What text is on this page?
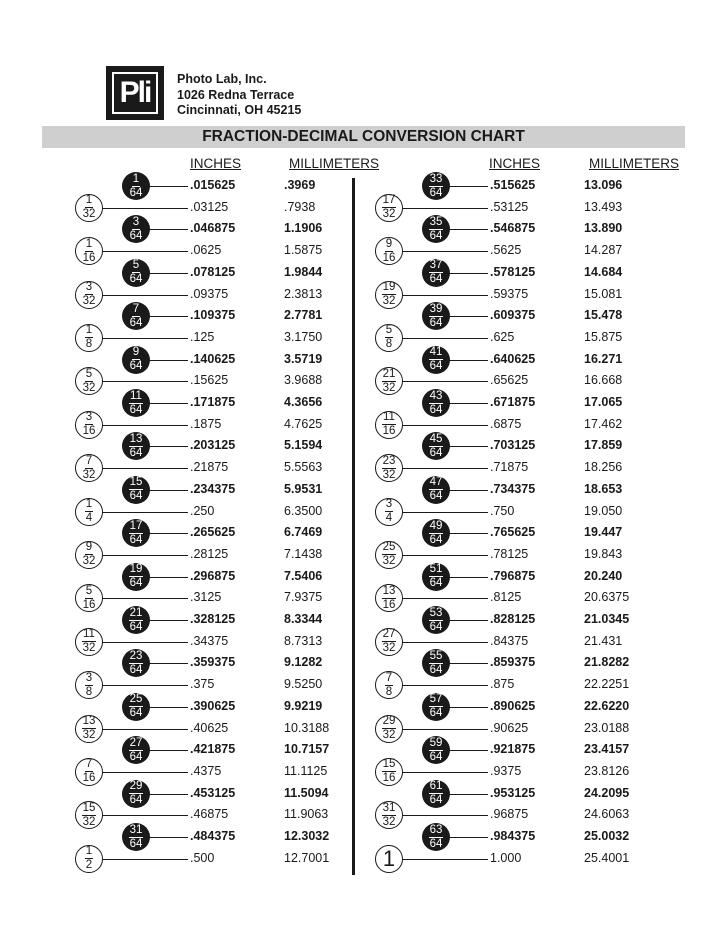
Pli	Photo Lab, Inc.
1026 Redna Terrace
Cincinnati, OH 45215
FRACTION-DECIMAL CONVERSION CHART
INCHES	MILLIMETERS	INCHES	MILLIMETERS
$\frac{1}{64}$	.015625	.3969
$\frac{1}{32}$	.03125	.7938
$\frac{3}{64}$	.046875	1.1906
$\frac{1}{16}$	.0625	1.5875
$\frac{5}{64}$	.078125	1.9844
$\frac{3}{32}$	.09375	2.3813
$\frac{7}{64}$	.109375	2.7781
$\frac{1}{8}$	.125	3.1750
$\frac{9}{64}$	.140625	3.5719
$\frac{5}{32}$	.15625	3.9688
$\frac{11}{64}$	.171875	4.3656
$\frac{3}{16}$	.1875	4.7625
$\frac{13}{64}$	.203125	5.1594
$\frac{7}{32}$	.21875	5.5563
$\frac{15}{64}$	.234375	5.9531
$\frac{1}{4}$	.250	6.3500
$\frac{17}{64}$	.265625	6.7469
$\frac{9}{32}$	.28125	7.1438
$\frac{19}{64}$	.296875	7.5406
$\frac{5}{16}$	.3125	7.9375
$\frac{21}{64}$	.328125	8.3344
$\frac{11}{32}$	.34375	8.7313
$\frac{23}{64}$	.359375	9.1282
$\frac{3}{8}$	.375	9.5250
$\frac{25}{64}$	.390625	9.9219
$\frac{13}{32}$	.40625	10.3188
$\frac{27}{64}$	.421875	10.7157
$\frac{7}{16}$	.4375	11.1125
$\frac{29}{64}$	.453125	11.5094
$\frac{15}{32}$	.46875	11.9063
$\frac{31}{64}$	.484375	12.3032
$\frac{1}{2}$	.500	12.7001
$\frac{33}{64}$	.515625	13.096
$\frac{17}{32}$	.53125	13.493
$\frac{35}{64}$	.546875	13.890
$\frac{9}{16}$	.5625	14.287
$\frac{37}{64}$	.578125	14.684
$\frac{19}{32}$	.59375	15.081
$\frac{39}{64}$	.609375	15.478
$\frac{5}{8}$	.625	15.875
$\frac{41}{64}$	.640625	16.271
$\frac{21}{32}$	.65625	16.668
$\frac{43}{64}$	.671875	17.065
$\frac{11}{16}$	.6875	17.462
$\frac{45}{64}$	.703125	17.859
$\frac{23}{32}$	.71875	18.256
$\frac{47}{64}$	.734375	18.653
$\frac{3}{4}$	.750	19.050
$\frac{49}{64}$	.765625	19.447
$\frac{25}{32}$	.78125	19.843
$\frac{51}{64}$	.796875	20.240
$\frac{13}{16}$	.8125	20.6375
$\frac{53}{64}$	.828125	21.0345
$\frac{27}{32}$	.84375	21.431
$\frac{55}{64}$	.859375	21.8282
$\frac{7}{8}$	.875	22.2251
$\frac{57}{64}$	.890625	22.6220
$\frac{29}{32}$	.90625	23.0188
$\frac{59}{64}$	.921875	23.4157
$\frac{15}{16}$	.9375	23.8126
$\frac{61}{64}$	.953125	24.2095
$\frac{31}{32}$	.96875	24.6063
$\frac{63}{64}$	.984375	25.0032
1	1.000	25.4001
